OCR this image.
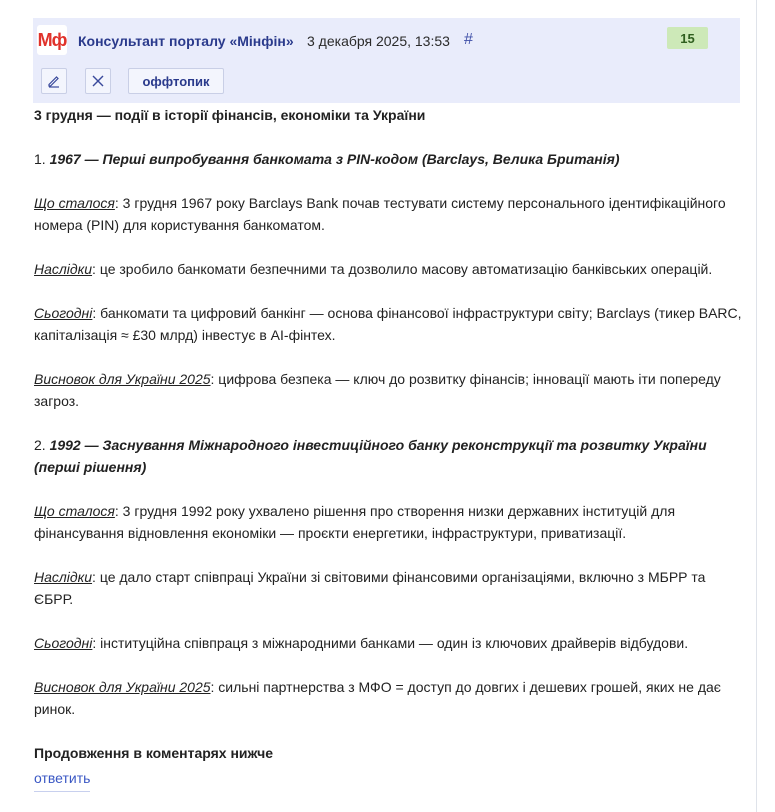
Мф Консультант порталу «Мінфін» 3 декабря 2025, 13:53 #	15
оффтопик

3 грудня — події в історії фінансів, економіки та України

1. 1967 — Перші випробування банкомата з PIN-кодом (Barclays, Велика Британія)

Що сталося: 3 грудня 1967 року Barclays Bank почав тестувати систему персонального ідентифікаційного номера (PIN) для користування банкоматом.

Наслідки: це зробило банкомати безпечними та дозволило масову автоматизацію банківських операцій.

Сьогодні: банкомати та цифровий банкінг — основа фінансової інфраструктури світу; Barclays (тикер BARC, капіталізація ≈ £30 млрд) інвестує в AI-фінтех.

Висновок для України 2025: цифрова безпека — ключ до розвитку фінансів; інновації мають іти попереду загроз.

2. 1992 — Заснування Міжнародного інвестиційного банку реконструкції та розвитку України (перші рішення)

Що сталося: 3 грудня 1992 року ухвалено рішення про створення низки державних інституцій для фінансування відновлення економіки — проєкти енергетики, інфраструктури, приватизації.

Наслідки: це дало старт співпраці України зі світовими фінансовими організаціями, включно з МБРР та ЄБРР.

Сьогодні: інституційна співпраця з міжнародними банками — один із ключових драйверів відбудови.

Висновок для України 2025: сильні партнерства з МФО = доступ до довгих і дешевих грошей, яких не дає ринок.

Продовження в коментарях нижче

ответить
